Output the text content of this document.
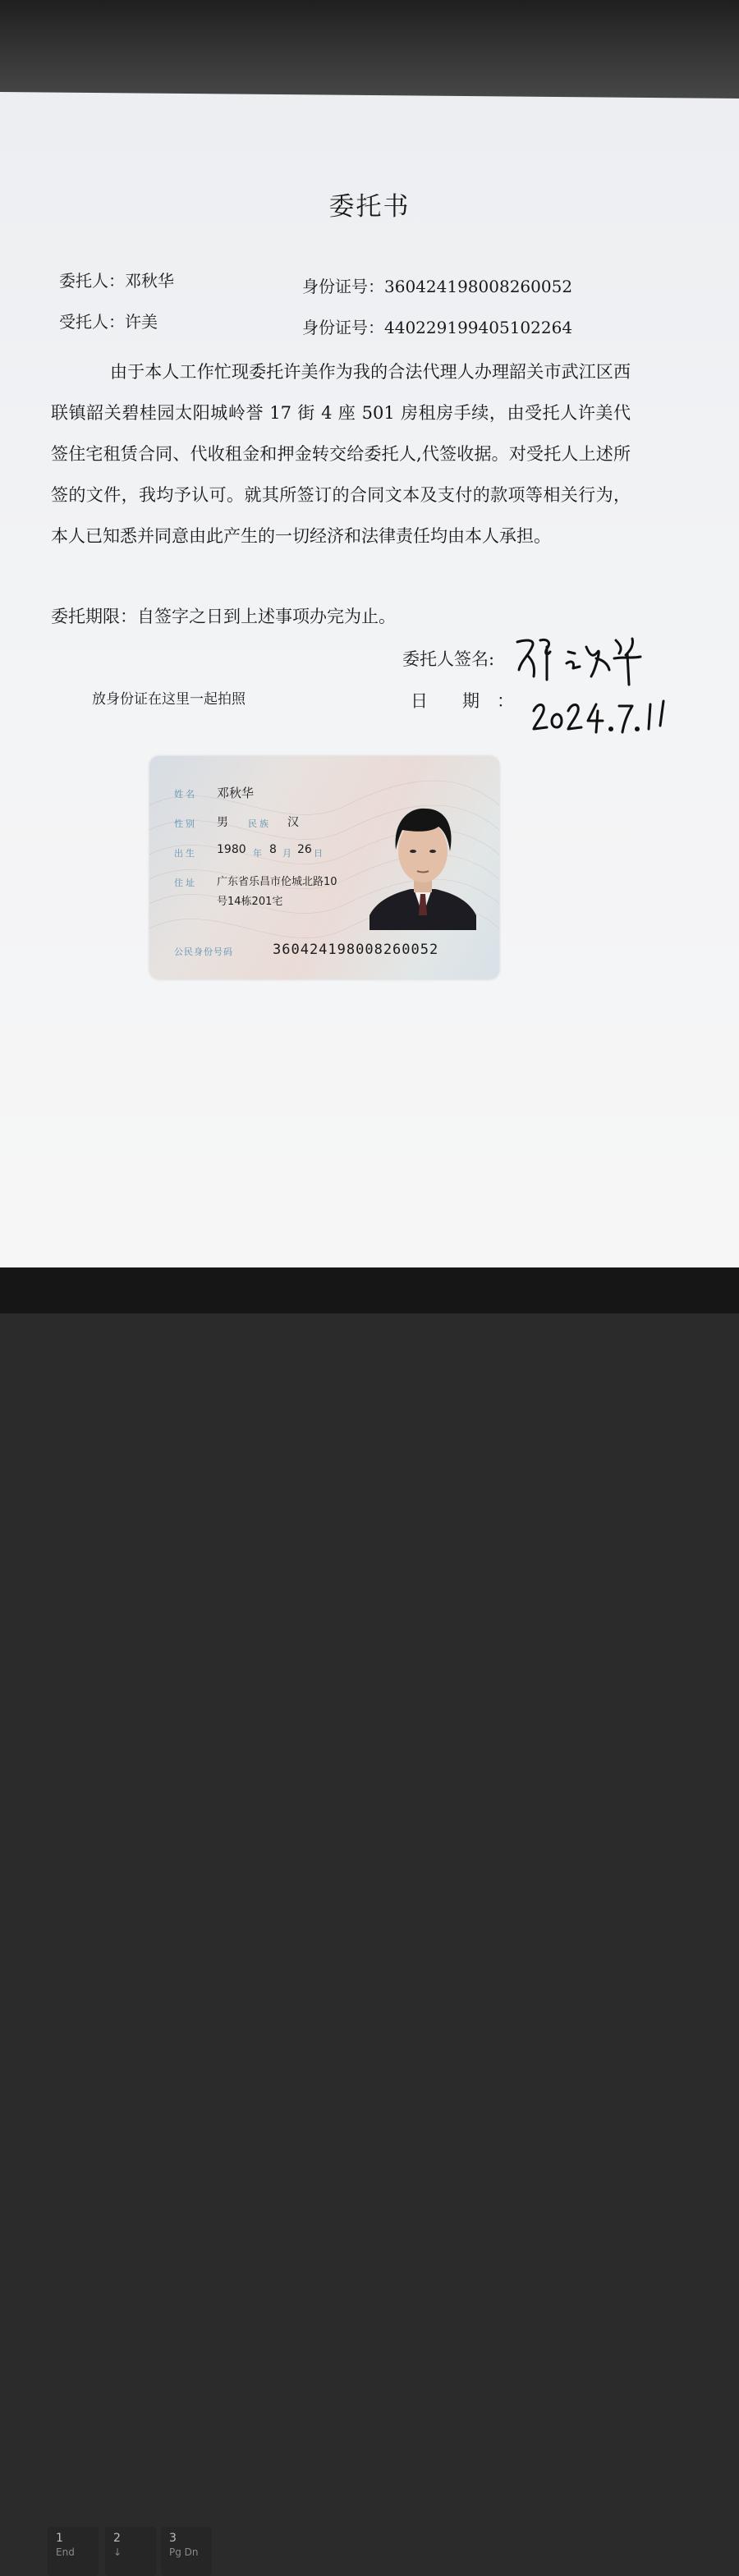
1
End
2
↓
3
Pg Dn
委托书
委托人：邓秋华	身份证号：360424198008260052
受托人：许美	身份证号：440229199405102264

由于本人工作忙现委托许美作为我的合法代理人办理韶关市武江区西联镇韶关碧桂园太阳城岭誉 17 街 4 座 501 房租房手续，由受托人许美代签住宅租赁合同、代收租金和押金转交给委托人,代签收据。对受托人上述所签的文件，我均予认可。就其所签订的合同文本及支付的款项等相关行为，本人已知悉并同意由此产生的一切经济和法律责任均由本人承担。

委托期限：自签字之日到上述事项办完为止。
委托人签名:
放身份证在这里一起拍照	日　　期　：
姓名 邓秋华
性别 男 民族 汉
出生 1980 年 8 月 26 日
住址 广东省乐昌市伦城北路10
号14栋201宅
公民身份号码	360424198008260052
